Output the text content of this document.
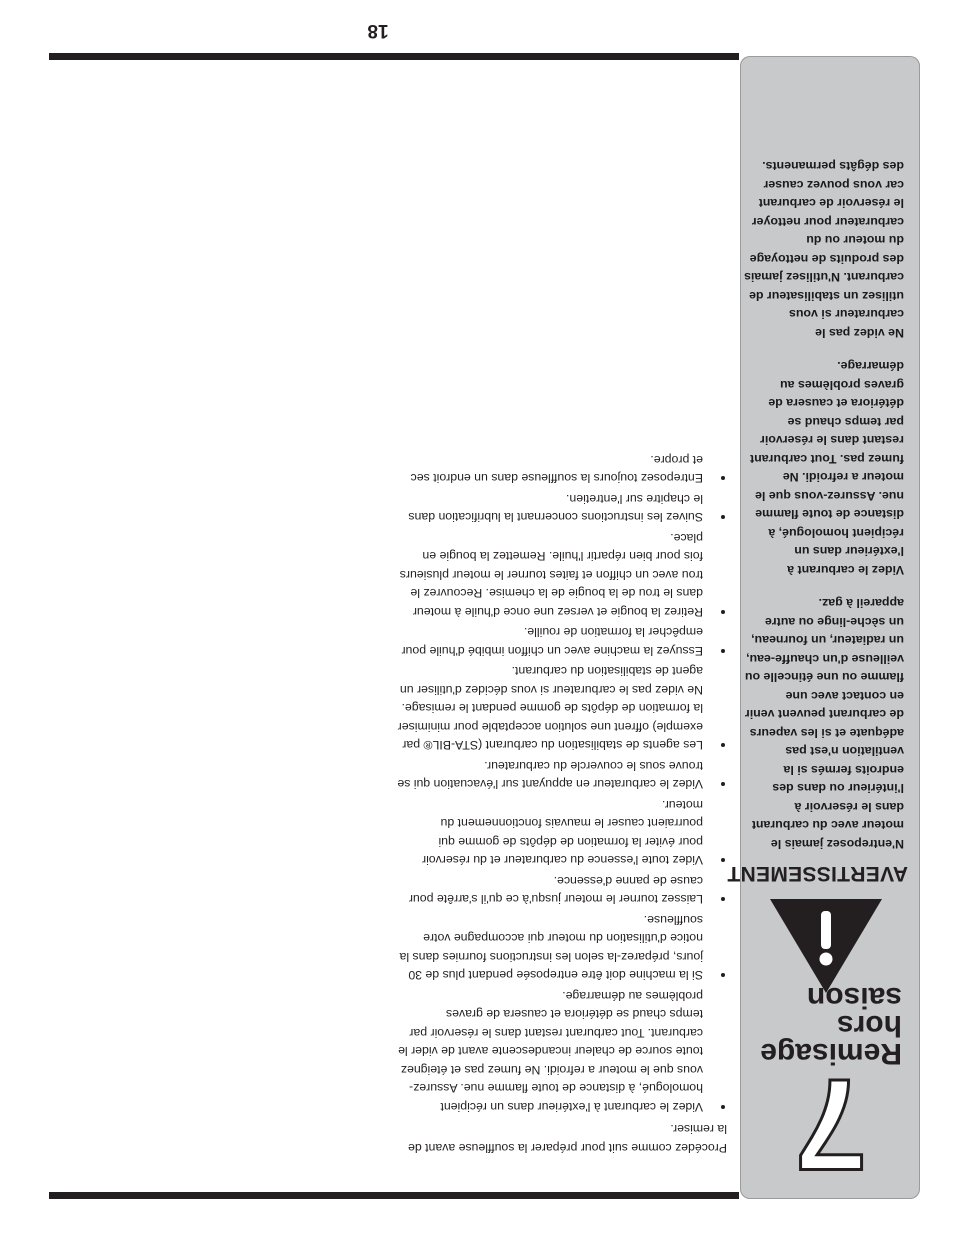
18
7
Remisage hors saison
AVERTISSEMENT

N'entreposez jamais le moteur avec du carburant dans le réservoir à l'intérieur ou dans des endroits fermés si la ventilation n'est pas adéquate et si les vapeurs de carburant peuvent venir en contact avec une flamme ou une étincelle ou veilleuse d'un chauffe-eau, un radiateur, un fourneau, un sèche-linge ou autre appareil à gaz.

Videz le carburant à l'extérieur dans un récipient homologué, à distance de toute flamme nue. Assurez-vous que le moteur a refroidi. Ne fumez pas. Tout carburant restant dans le réservoir par temps chaud se détériora et causera de graves problèmes au démarrage.

Ne videz pas le carburateur si vous utilisez un stabilisateur de carburant. N'utilisez jamais des produits de nettoyage du moteur ou du carburateur pour nettoyer le réservoir de carburant car vous pouvez causer des dégâts permanents.

Procédez comme suit pour préparer la souffleuse avant de la remiser.

Videz le carburant à l'extérieur dans un récipient homologué, à distance de toute flamme nue. Assurez-vous que le moteur a refroidi. Ne fumez pas et éteignez toute source de chaleur incandescente avant de vider le carburant. Tout carburant restant dans le réservoir par temps chaud se détériora et causera de graves problèmes au démarrage.
Si la machine doit être entreposée pendant plus de 30 jours, préparez-la selon les instructions fournies dans la notice d'utilisation du moteur qui accompagne votre souffleuse.
Laissez tourner le moteur jusqu'à ce qu'il s'arrête pour cause de panne d'essence.
Videz toute l'essence du carburateur et du réservoir pour éviter la formation de dépôts de gomme qui pourraient causer le mauvais fonctionnement du moteur.
Videz le carburateur en appuyant sur l'évacuation qui se trouve sous le couvercle du carburateur.
Les agents de stabilisation du carburant (STA-BIL® par exemple) offrent une solution acceptable pour minimiser la formation de dépôts de gomme pendant le remisage. Ne videz pas le carburateur si vous décidez d'utiliser un agent de stabilisation du carburant.
Essuyez la machine avec un chiffon imbibé d'huile pour empêcher la formation de rouille.
Retirez la bougie et versez une once d'huile à moteur dans le trou de la bougie de la chemise. Recouvrez le trou avec un chiffon et faites tourner le moteur plusieurs fois pour bien répartir l'huile. Remettez la bougie en place.
Suivez les instructions concernant la lubrification dans le chapitre sur l'entretien.
Entreposez toujours la souffleuse dans un endroit sec et propre.
